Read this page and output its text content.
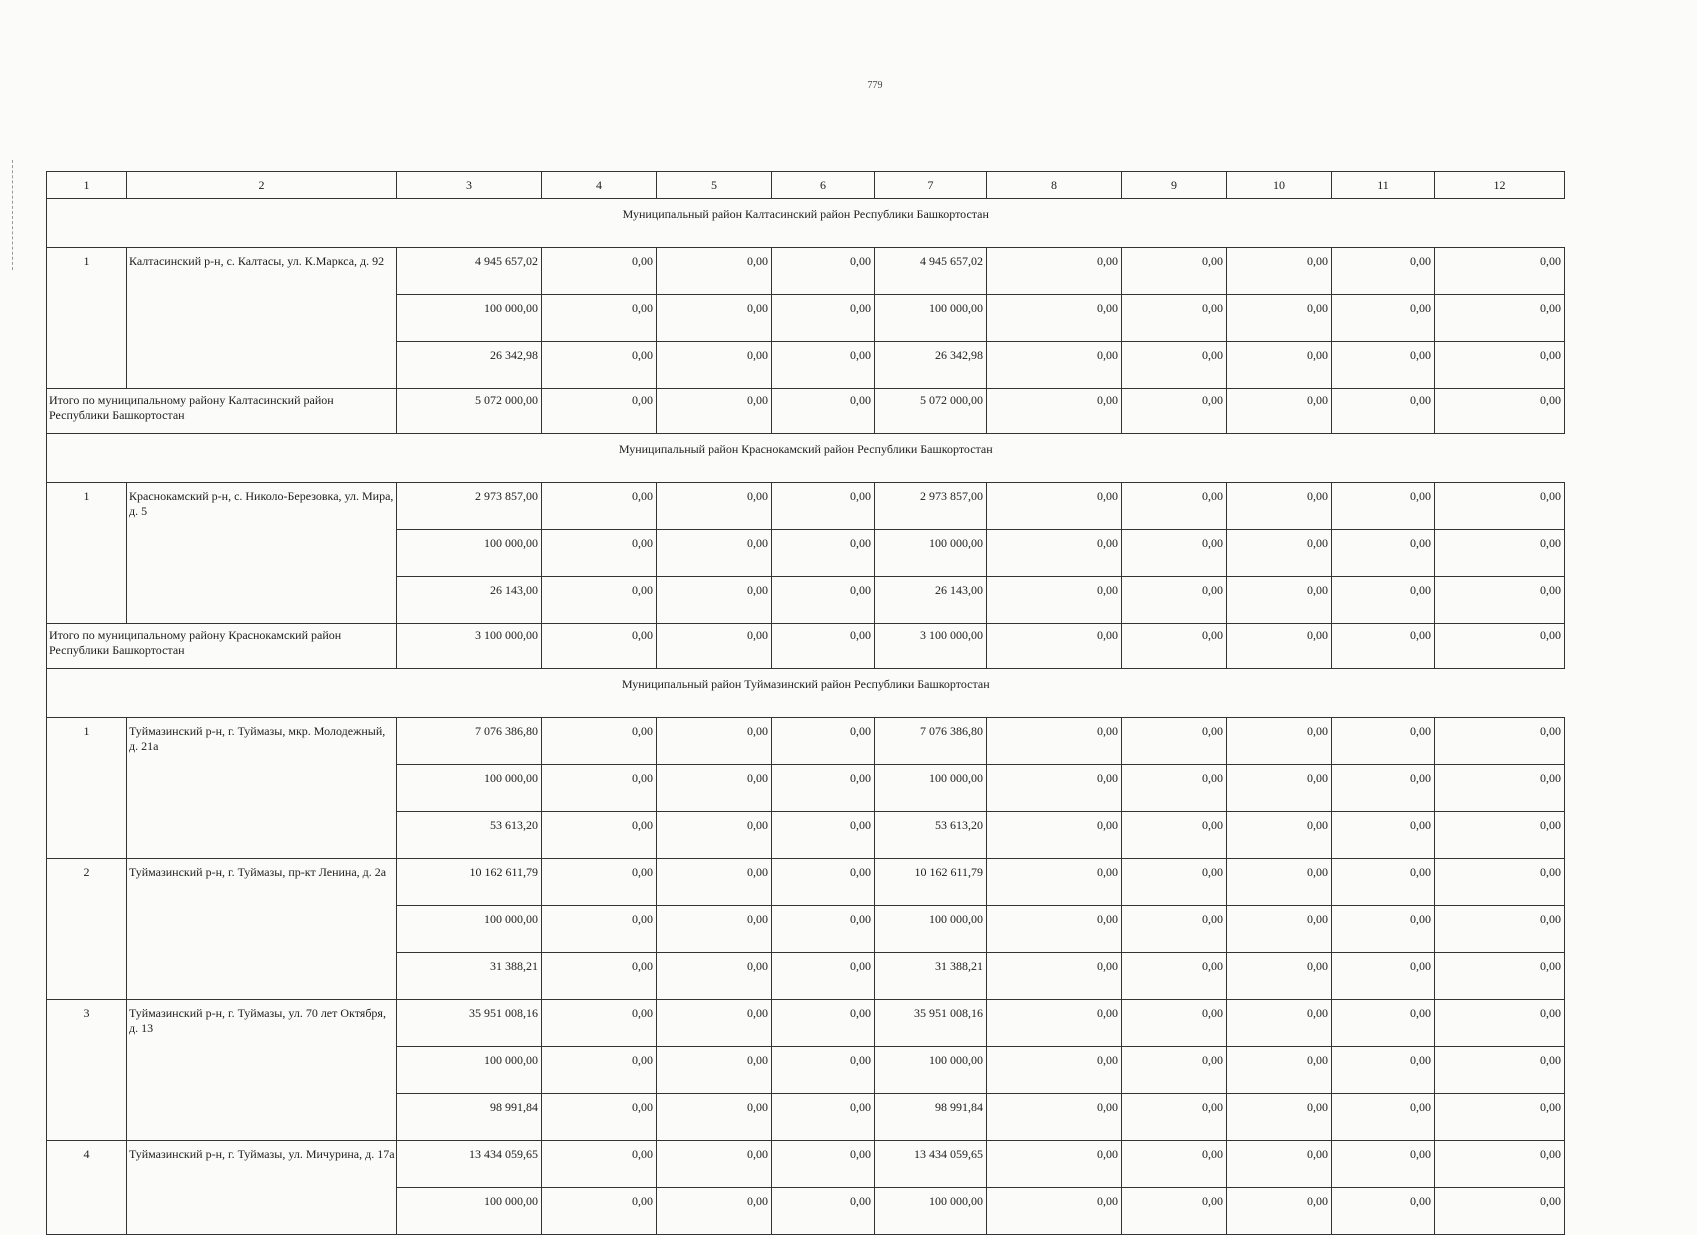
779
1	2	3	4	5	6	7	8	9	10	11	12
Муниципальный район Калтасинский район Республики Башкортостан											
1	Калтасинский р-н, с. Калтасы, ул. К.Маркса, д. 92	4 945 657,02	0,00	0,00	0,00	4 945 657,02	0,00	0,00	0,00	0,00	0,00
		100 000,00	0,00	0,00	0,00	100 000,00	0,00	0,00	0,00	0,00	0,00
		26 342,98	0,00	0,00	0,00	26 342,98	0,00	0,00	0,00	0,00	0,00
Итого по муниципальному району Калтасинский район Республики Башкортостан		5 072 000,00	0,00	0,00	0,00	5 072 000,00	0,00	0,00	0,00	0,00	0,00
Муниципальный район Краснокамский район Республики Башкортостан											
1	Краснокамский р-н, с. Николо-Березовка, ул. Мира, д. 5	2 973 857,00	0,00	0,00	0,00	2 973 857,00	0,00	0,00	0,00	0,00	0,00
		100 000,00	0,00	0,00	0,00	100 000,00	0,00	0,00	0,00	0,00	0,00
		26 143,00	0,00	0,00	0,00	26 143,00	0,00	0,00	0,00	0,00	0,00
Итого по муниципальному району Краснокамский район Республики Башкортостан		3 100 000,00	0,00	0,00	0,00	3 100 000,00	0,00	0,00	0,00	0,00	0,00
Муниципальный район Туймазинский район Республики Башкортостан											
1	Туймазинский р-н, г. Туймазы, мкр. Молодежный, д. 21а	7 076 386,80	0,00	0,00	0,00	7 076 386,80	0,00	0,00	0,00	0,00	0,00
		100 000,00	0,00	0,00	0,00	100 000,00	0,00	0,00	0,00	0,00	0,00
		53 613,20	0,00	0,00	0,00	53 613,20	0,00	0,00	0,00	0,00	0,00
2	Туймазинский р-н, г. Туймазы, пр-кт Ленина, д. 2а	10 162 611,79	0,00	0,00	0,00	10 162 611,79	0,00	0,00	0,00	0,00	0,00
		100 000,00	0,00	0,00	0,00	100 000,00	0,00	0,00	0,00	0,00	0,00
		31 388,21	0,00	0,00	0,00	31 388,21	0,00	0,00	0,00	0,00	0,00
3	Туймазинский р-н, г. Туймазы, ул. 70 лет Октября, д. 13	35 951 008,16	0,00	0,00	0,00	35 951 008,16	0,00	0,00	0,00	0,00	0,00
		100 000,00	0,00	0,00	0,00	100 000,00	0,00	0,00	0,00	0,00	0,00
		98 991,84	0,00	0,00	0,00	98 991,84	0,00	0,00	0,00	0,00	0,00
4	Туймазинский р-н, г. Туймазы, ул. Мичурина, д. 17а	13 434 059,65	0,00	0,00	0,00	13 434 059,65	0,00	0,00	0,00	0,00	0,00
		100 000,00	0,00	0,00	0,00	100 000,00	0,00	0,00	0,00	0,00	0,00
